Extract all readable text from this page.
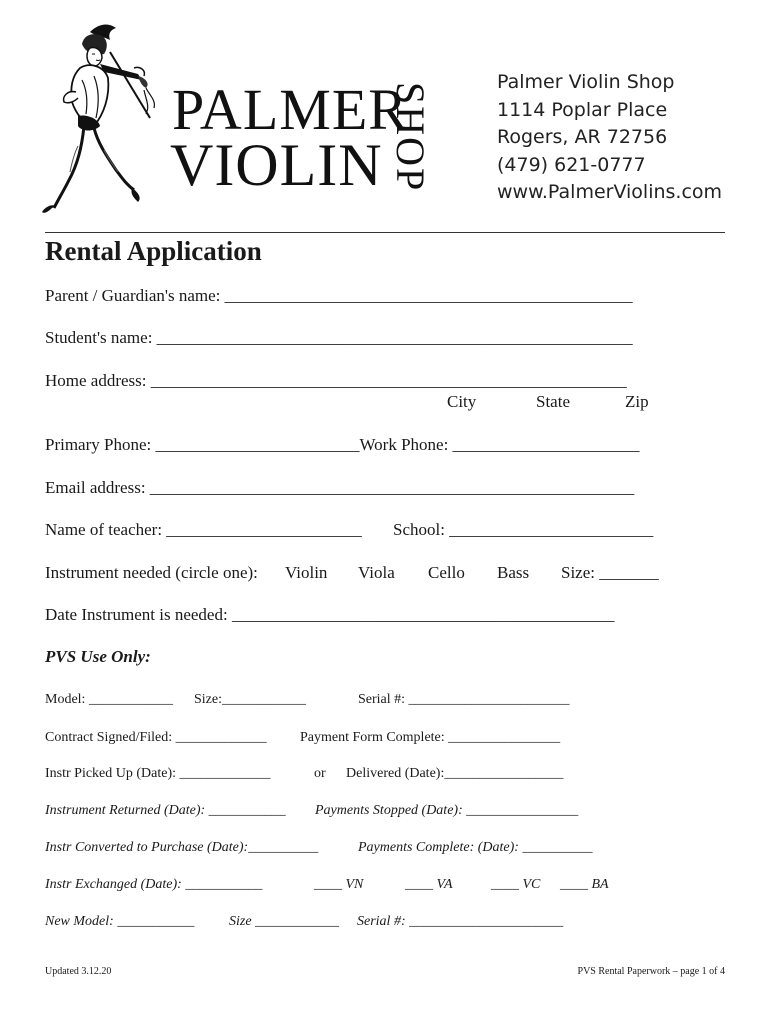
PALMER
VIOLIN SHOP	Palmer Violin Shop
1114 Poplar Place
Rogers, AR 72756
(479) 621-0777
www.PalmerViolins.com
Rental Application
Parent / Guardian's name: ________________________________________________
Student's name: ________________________________________________________
Home address: ________________________________________________________
City	State	Zip
Primary Phone: ________________________Work Phone: ______________________
Email address: _________________________________________________________
Name of teacher: _______________________ School: ________________________
Instrument needed (circle one): Violin Viola Cello Bass Size: _______
Date Instrument is needed: _____________________________________________
PVS Use Only:
Model: ____________ Size:____________	Serial #: _______________________
Contract Signed/Filed: _____________ Payment Form Complete: ________________
Instr Picked Up (Date): _____________	or Delivered (Date):_________________
Instrument Returned (Date): ___________ Payments Stopped (Date): ________________
Instr Converted to Purchase (Date):__________	Payments Complete: (Date): __________
Instr Exchanged (Date): ___________	____ VN	____ VA	____ VC ____ BA
New Model: ___________ Size ____________ Serial #: ______________________
Updated 3.12.20	PVS Rental Paperwork – page 1 of 4
